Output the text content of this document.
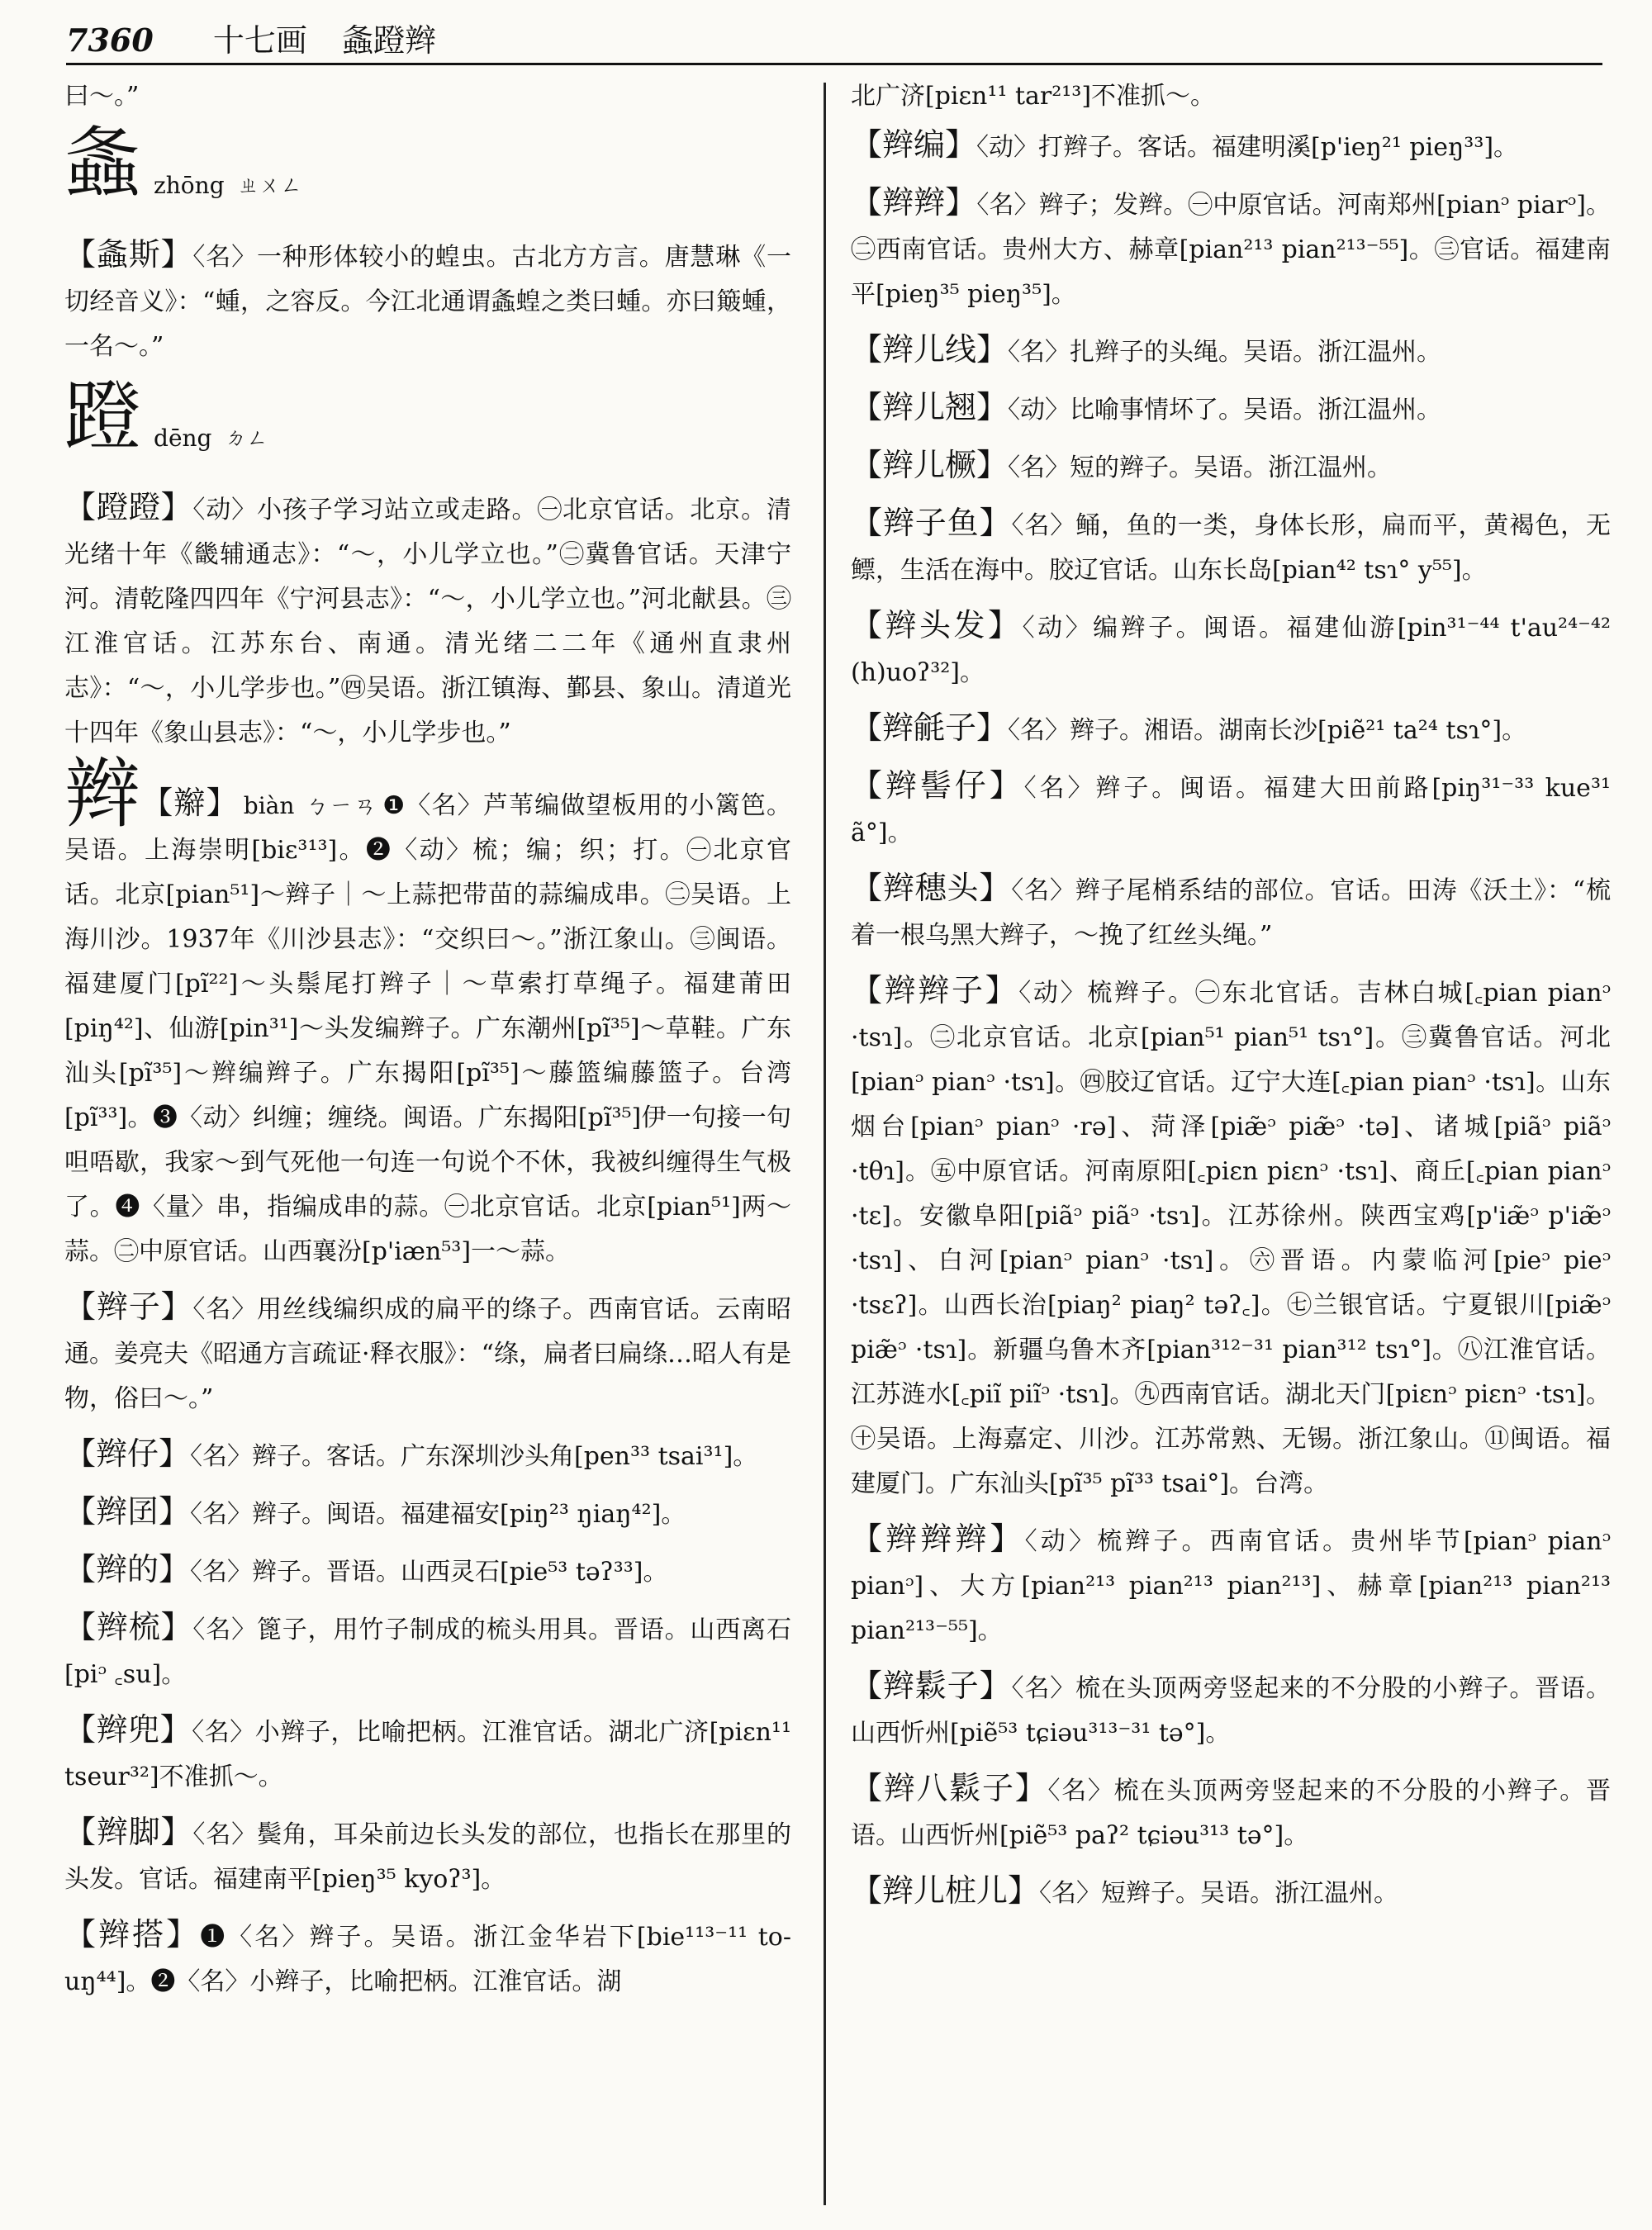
7360 十七画 螽蹬辫
曰～。”
螽zhōng ㄓㄨㄥ
【螽斯】〈名〉一种形体较小的蝗虫。古北方方言。唐慧琳《一切经音义》：“蝩，之容反。今江北通谓螽蝗之类曰蝩。亦曰簸蝩，一名～。”
蹬dēng ㄉㄥ
【蹬蹬】〈动〉小孩子学习站立或走路。㊀北京官话。北京。清光绪十年《畿辅通志》：“～，小儿学立也。”㊁冀鲁官话。天津宁河。清乾隆四四年《宁河县志》：“～，小儿学立也。”河北献县。㊂江淮官话。江苏东台、南通。清光绪二二年《通州直隶州志》：“～，小儿学步也。”㊃吴语。浙江镇海、鄞县、象山。清道光十四年《象山县志》：“～，小儿学步也。”
辫【辮】 biàn ㄅㄧㄢ ❶〈名〉芦苇编做望板用的小篱笆。吴语。上海崇明[biɛ³¹³]。❷〈动〉梳；编；织；打。㊀北京官话。北京[pian⁵¹]～辫子｜～上蒜把带苗的蒜编成串。㊁吴语。上海川沙。1937年《川沙县志》：“交织曰～。”浙江象山。㊂闽语。福建厦门[pĩ²²]～头鬃尾打辫子｜～草索打草绳子。福建莆田[piŋ⁴²]、仙游[pin³¹]～头发编辫子。广东潮州[pĩ³⁵]～草鞋。广东汕头[pĩ³⁵]～辫编辫子。广东揭阳[pĩ³⁵]～藤篮编藤篮子。台湾[pĩ³³]。❸〈动〉纠缠；缠绕。闽语。广东揭阳[pĩ³⁵]伊一句接一句呾唔歇，我家～到气死他一句连一句说个不休，我被纠缠得生气极了。❹〈量〉串，指编成串的蒜。㊀北京官话。北京[pian⁵¹]两～蒜。㊁中原官话。山西襄汾[p'iæn⁵³]一～蒜。
【辫子】〈名〉用丝线编织成的扁平的绦子。西南官话。云南昭通。姜亮夫《昭通方言疏证·释衣服》：“绦，扁者曰扁绦…昭人有是物，俗曰～。”
【辫仔】〈名〉辫子。客话。广东深圳沙头角[pen³³ tsai³¹]。
【辫囝】〈名〉辫子。闽语。福建福安[piŋ²³ ŋiaŋ⁴²]。
【辫的】〈名〉辫子。晋语。山西灵石[pie⁵³ təʔ³³]。
【辫梳】〈名〉篦子，用竹子制成的梳头用具。晋语。山西离石[piᵓ ꜀su]。
【辫兜】〈名〉小辫子，比喻把柄。江淮官话。湖北广济[piɛn¹¹ tseur³²]不准抓～。
【辫脚】〈名〉鬓角，耳朵前边长头发的部位，也指长在那里的头发。官话。福建南平[pieŋ³⁵ kyoʔ³]。
【辫搭】❶〈名〉辫子。吴语。浙江金华岩下[bie¹¹³⁻¹¹ to-uŋ⁴⁴]。❷〈名〉小辫子，比喻把柄。江淮官话。湖
北广济[piɛn¹¹ tar²¹³]不准抓～。
【辫编】〈动〉打辫子。客话。福建明溪[p'ieŋ²¹ pieŋ³³]。
【辫辫】〈名〉辫子；发辫。㊀中原官话。河南郑州[pianᵓ piarᵓ]。㊁西南官话。贵州大方、赫章[pian²¹³ pian²¹³⁻⁵⁵]。㊂官话。福建南平[pieŋ³⁵ pieŋ³⁵]。
【辫儿线】〈名〉扎辫子的头绳。吴语。浙江温州。
【辫儿翘】〈动〉比喻事情坏了。吴语。浙江温州。
【辫儿橛】〈名〉短的辫子。吴语。浙江温州。
【辫子鱼】〈名〉鲬，鱼的一类，身体长形，扁而平，黄褐色，无鳔，生活在海中。胶辽官话。山东长岛[pian⁴² tsɿ° y⁵⁵]。
【辫头发】〈动〉编辫子。闽语。福建仙游[pin³¹⁻⁴⁴ t'au²⁴⁻⁴² (h)uoʔ³²]。
【辫毹子】〈名〉辫子。湘语。湖南长沙[piẽ²¹ ta²⁴ tsɿ°]。
【辫髻仔】〈名〉辫子。闽语。福建大田前路[piŋ³¹⁻³³ kue³¹ ã°]。
【辫穗头】〈名〉辫子尾梢系结的部位。官话。田涛《沃土》：“梳着一根乌黑大辫子，～挽了红丝头绳。”
【辫辫子】〈动〉梳辫子。㊀东北官话。吉林白城[꜀pian pianᵓ ·tsɿ]。㊁北京官话。北京[pian⁵¹ pian⁵¹ tsɿ°]。㊂冀鲁官话。河北[pianᵓ pianᵓ ·tsɿ]。㊃胶辽官话。辽宁大连[꜀pian pianᵓ ·tsɿ]。山东烟台[pianᵓ pianᵓ ·rə]、菏泽[piæ̃ᵓ piæ̃ᵓ ·tə]、诸城[piãᵓ piãᵓ ·tθɿ]。㊄中原官话。河南原阳[꜀piɛn piɛnᵓ ·tsɿ]、商丘[꜀pian pianᵓ ·tɛ]。安徽阜阳[piãᵓ piãᵓ ·tsɿ]。江苏徐州。陕西宝鸡[p'iæ̃ᵓ p'iæ̃ᵓ ·tsɿ]、白河[pianᵓ pianᵓ ·tsɿ]。㊅晋语。内蒙临河[pieᵓ pieᵓ ·tsɛʔ]。山西长治[piaŋ² piaŋ² təʔ꜀]。㊆兰银官话。宁夏银川[piæ̃ᵓ piæ̃ᵓ ·tsɿ]。新疆乌鲁木齐[pian³¹²⁻³¹ pian³¹² tsɿ°]。㊇江淮官话。江苏涟水[꜀piĩ piĩᵓ ·tsɿ]。㊈西南官话。湖北天门[piɛnᵓ piɛnᵓ ·tsɿ]。㊉吴语。上海嘉定、川沙。江苏常熟、无锡。浙江象山。⑪闽语。福建厦门。广东汕头[pĩ³⁵ pĩ³³ tsai°]。台湾。
【辫辫辫】〈动〉梳辫子。西南官话。贵州毕节[pianᵓ pianᵓ pianᵓ]、大方[pian²¹³ pian²¹³ pian²¹³]、赫章[pian²¹³ pian²¹³ pian²¹³⁻⁵⁵]。
【辫鬏子】〈名〉梳在头顶两旁竖起来的不分股的小辫子。晋语。山西忻州[piẽ⁵³ tɕiəu³¹³⁻³¹ tə°]。
【辫八鬏子】〈名〉梳在头顶两旁竖起来的不分股的小辫子。晋语。山西忻州[piẽ⁵³ paʔ² tɕiəu³¹³ tə°]。
【辫儿桩儿】〈名〉短辫子。吴语。浙江温州。
